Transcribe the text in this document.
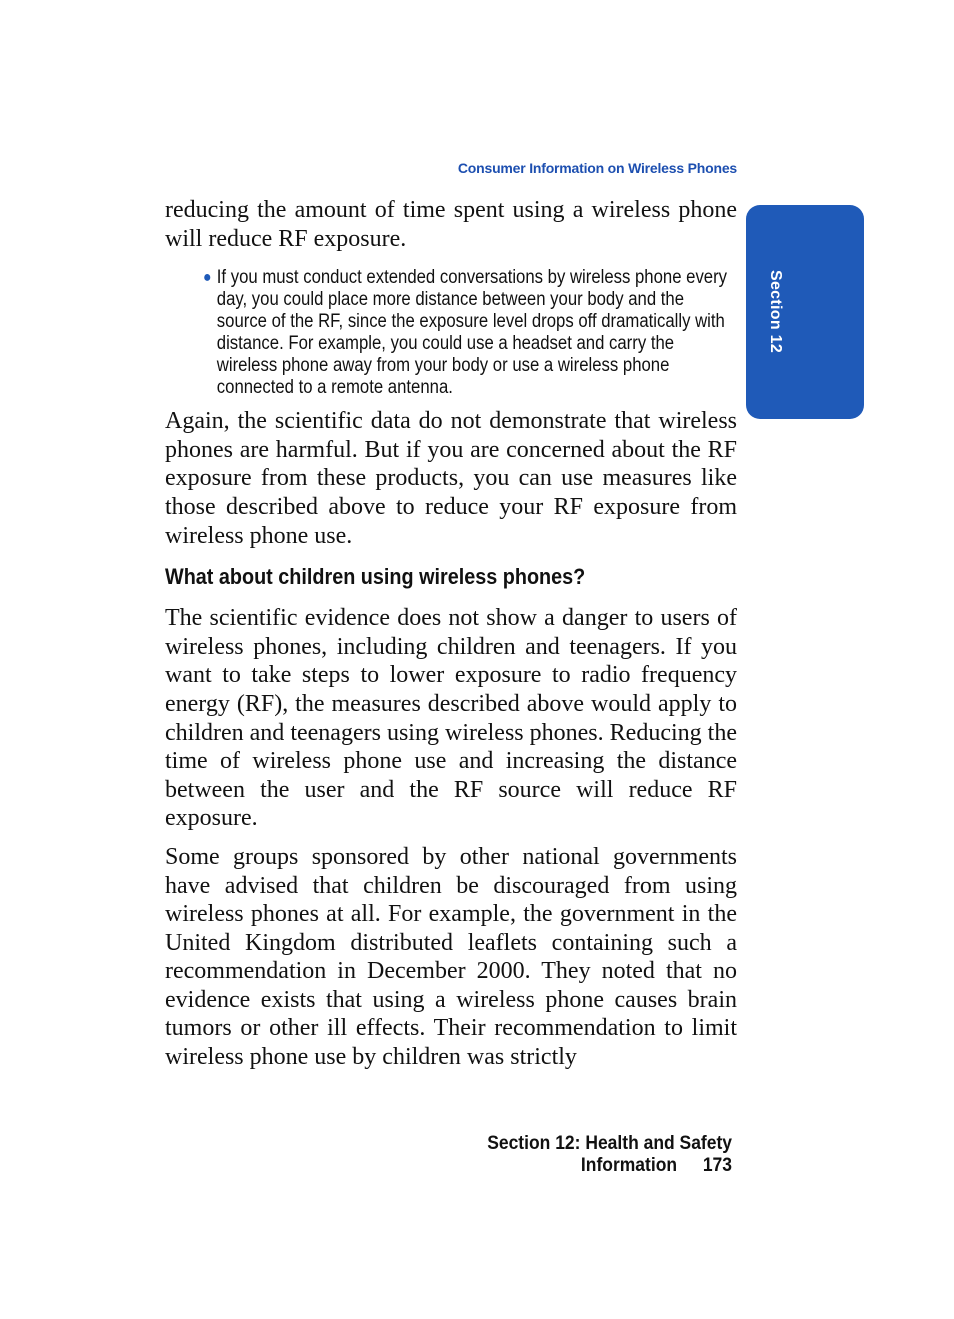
Consumer Information on Wireless Phones
Section 12

reducing the amount of time spent using a wireless phone will reduce RF exposure.

● If you must conduct extended conversations by wireless phone every day, you could place more distance between your body and the source of the RF, since the exposure level drops off dramatically with distance. For example, you could use a headset and carry the wireless phone away from your body or use a wireless phone connected to a remote antenna.

Again, the scientific data do not demonstrate that wireless phones are harmful. But if you are concerned about the RF exposure from these products, you can use measures like those described above to reduce your RF exposure from wireless phone use.

What about children using wireless phones?

The scientific evidence does not show a danger to users of wireless phones, including children and teenagers. If you want to take steps to lower exposure to radio frequency energy (RF), the measures described above would apply to children and teenagers using wireless phones. Reducing the time of wireless phone use and increasing the distance between the user and the RF source will reduce RF exposure.

Some groups sponsored by other national governments have advised that children be discouraged from using wireless phones at all. For example, the government in the United Kingdom distributed leaflets containing such a recommendation in December 2000. They noted that no evidence exists that using a wireless phone causes brain tumors or other ill effects. Their recommendation to limit wireless phone use by children was strictly

Section 12: Health and Safety Information 173
